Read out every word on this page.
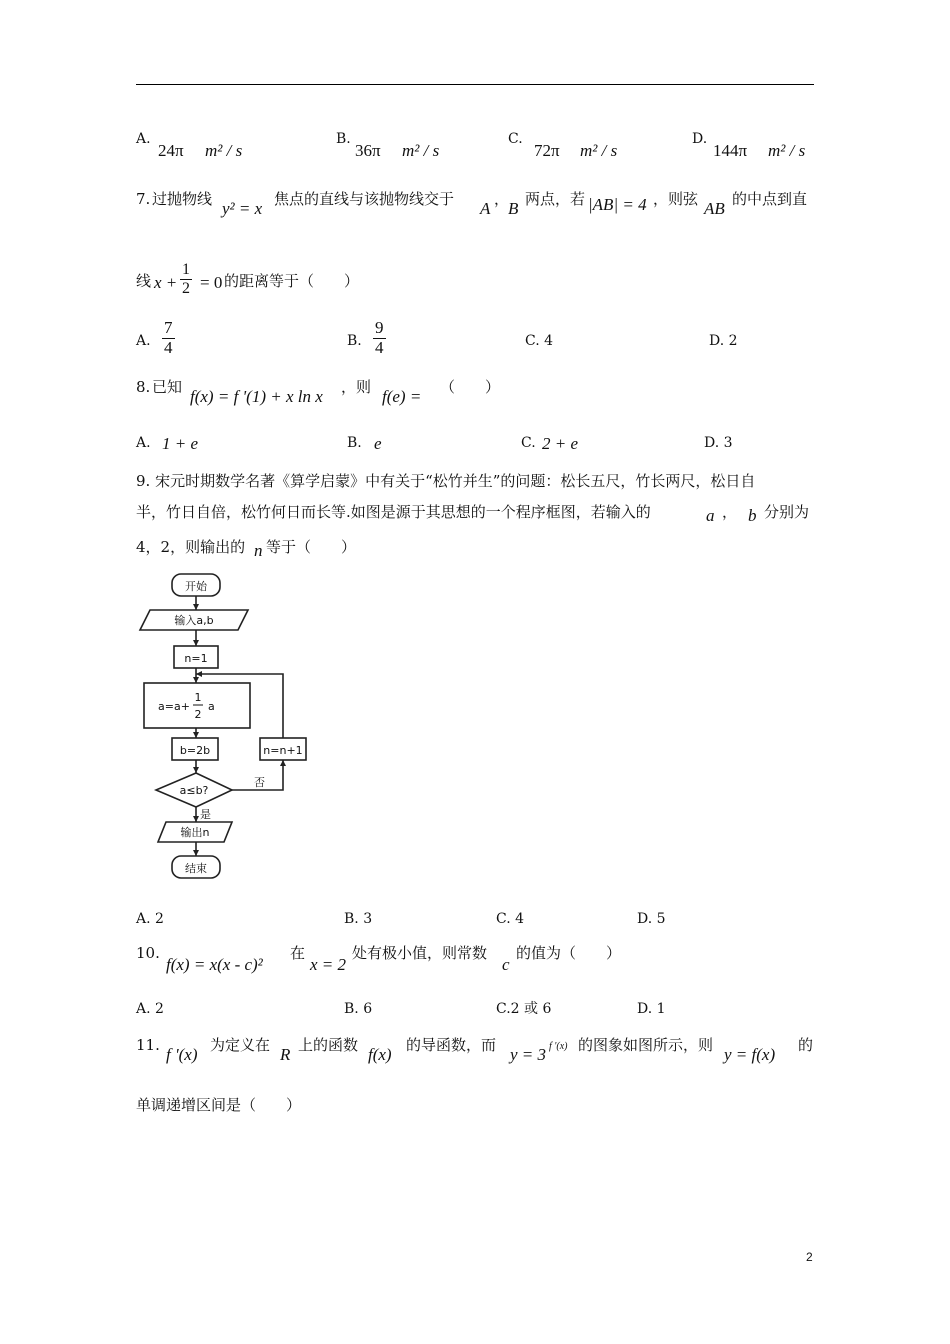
A.
24π m² / s
B.
36π m² / s
C.
72π m² / s
D.
144π m² / s
7. 过抛物线 y² = x 焦点的直线与该抛物线交于 A ，
B 两点，若 |AB| = 4 ，则弦 AB 的中点到直
线 $x + \frac{1}{2} = 0$ 的距离等于（　　）
A. $\frac{7}{4}$	B. $\frac{9}{4}$	C. 4	D. 2
8. 已知 f(x) = f '(1) + x ln x ，则 f(e) = （　　）
A. 1 + e	B. e	C. 2 + e	D. 3
9. 宋元时期数学名著《算学启蒙》中有关于“松竹并生”的问题：松长五尺，竹长两尺，松日自
半，竹日自倍，松竹何日而长等.如图是源于其思想的一个程序框图，若输入的	a ， b 分别为
4，2，则输出的 n 等于（　　）
开始
输入a,b
n=1
a=a+
1
2
a
b=2b	n=n+1
a≤b?
否
是
输出n
结束
A. 2	B. 3	C. 4	D. 5
10.
f(x) = x(x - c)²
在
x = 2
处有极小值，则常数
c
的值为（　　）
A. 2	B. 6	C.2 或 6	D. 1
11. f '(x) 为定义在 R 上的函数 f(x) 的导函数，而 y = 3 f '(x) 的图象如图所示，则 y = f(x) 的
单调递增区间是（　　）
2
